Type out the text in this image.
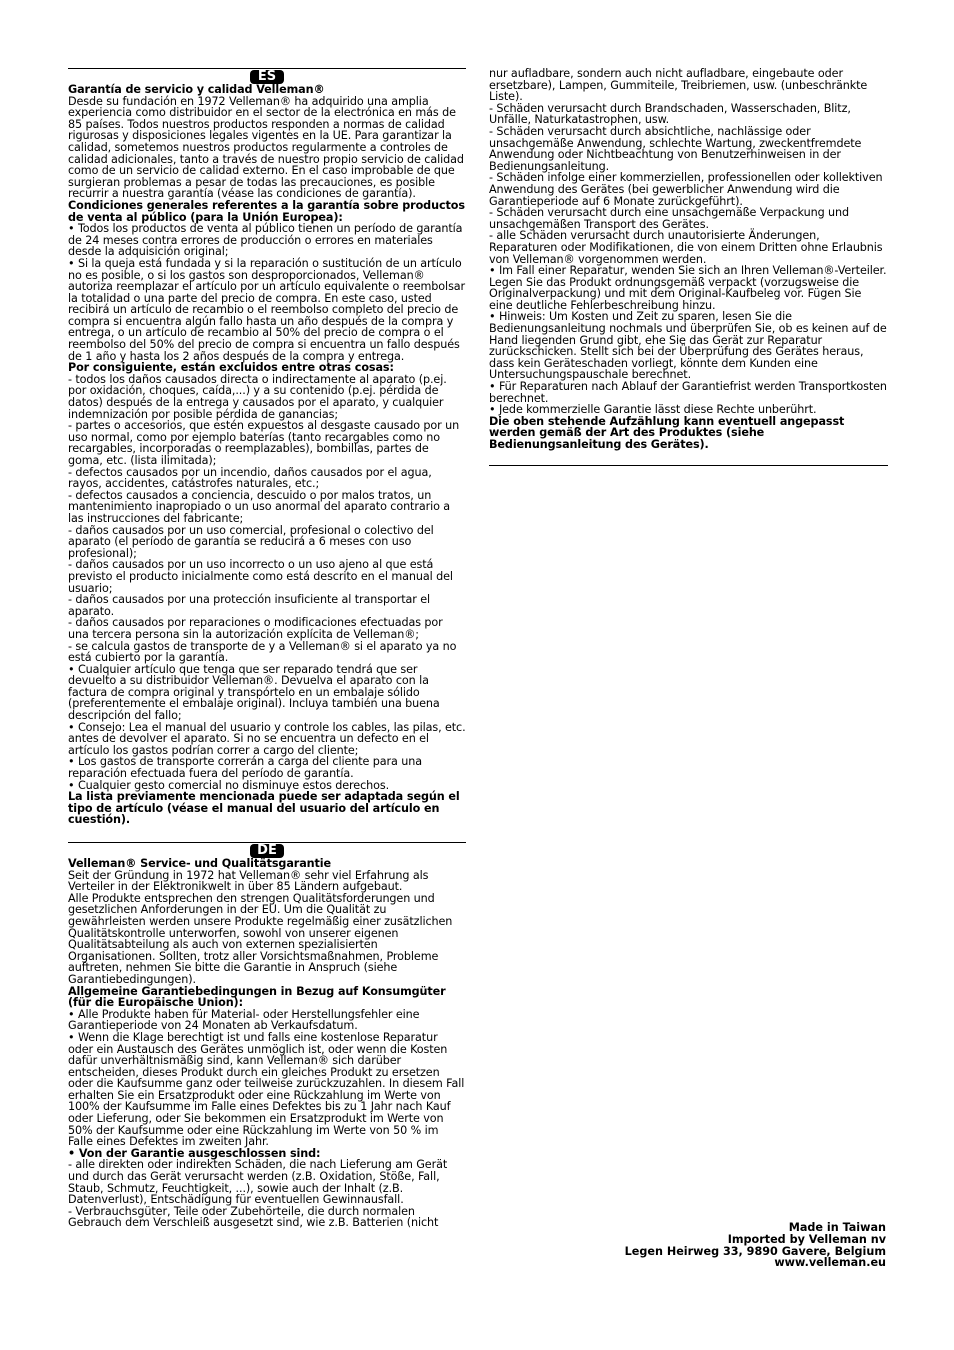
ES

Garantía de servicio y calidad Velleman®

Desde su fundación en 1972 Velleman® ha adquirido una amplia experiencia como distribuidor en el sector de la electrónica en más de 85 países. Todos nuestros productos responden a normas de calidad rigurosas y disposiciones legales vigentes en la UE. Para garantizar la calidad, sometemos nuestros productos regularmente a controles de calidad adicionales, tanto a través de nuestro propio servicio de calidad como de un servicio de calidad externo. En el caso improbable de que surgieran problemas a pesar de todas las precauciones, es posible recurrir a nuestra garantía (véase las condiciones de garantía).

Condiciones generales referentes a la garantía sobre productos de venta al público (para la Unión Europea):

• Todos los productos de venta al público tienen un período de garantía de 24 meses contra errores de producción o errores en materiales desde la adquisición original;

• Si la queja está fundada y si la reparación o sustitución de un artículo no es posible, o si los gastos son desproporcionados, Velleman® autoriza reemplazar el artículo por un artículo equivalente o reembolsar la totalidad o una parte del precio de compra. En este caso, usted recibirá un artículo de recambio o el reembolso completo del precio de compra si encuentra algún fallo hasta un año después de la compra y entrega, o un artículo de recambio al 50% del precio de compra o el reembolso del 50% del precio de compra si encuentra un fallo después de 1 año y hasta los 2 años después de la compra y entrega.

Por consiguiente, están excluidos entre otras cosas:

- todos los daños causados directa o indirectamente al aparato (p.ej. por oxidación, choques, caída,...) y a su contenido (p.ej. pérdida de datos) después de la entrega y causados por el aparato, y cualquier indemnización por posible pérdida de ganancias;

- partes o accesorios, que estén expuestos al desgaste causado por un uso normal, como por ejemplo baterías (tanto recargables como no recargables, incorporadas o reemplazables), bombillas, partes de goma, etc. (lista ilimitada);

- defectos causados por un incendio, daños causados por el agua, rayos, accidentes, catástrofes naturales, etc.;

- defectos causados a conciencia, descuido o por malos tratos, un mantenimiento inapropiado o un uso anormal del aparato contrario a las instrucciones del fabricante;

- daños causados por un uso comercial, profesional o colectivo del aparato (el período de garantía se reducirá a 6 meses con uso profesional);

- daños causados por un uso incorrecto o un uso ajeno al que está previsto el producto inicialmente como está descrito en el manual del usuario;

- daños causados por una protección insuficiente al transportar el aparato.

- daños causados por reparaciones o modificaciones efectuadas por una tercera persona sin la autorización explícita de Velleman®;

- se calcula gastos de transporte de y a Velleman® si el aparato ya no está cubierto por la garantía.

• Cualquier artículo que tenga que ser reparado tendrá que ser devuelto a su distribuidor Velleman®. Devuelva el aparato con la factura de compra original y transpórtelo en un embalaje sólido (preferentemente el embalaje original). Incluya también una buena descripción del fallo;

• Consejo: Lea el manual del usuario y controle los cables, las pilas, etc. antes de devolver el aparato. Si no se encuentra un defecto en el artículo los gastos podrían correr a cargo del cliente;

• Los gastos de transporte correrán a carga del cliente para una reparación efectuada fuera del período de garantía.

• Cualquier gesto comercial no disminuye estos derechos.

La lista previamente mencionada puede ser adaptada según el tipo de artículo (véase el manual del usuario del artículo en cuestión).

DE

Velleman® Service- und Qualitätsgarantie

Seit der Gründung in 1972 hat Velleman® sehr viel Erfahrung als Verteiler in der Elektronikwelt in über 85 Ländern aufgebaut.

Alle Produkte entsprechen den strengen Qualitätsforderungen und gesetzlichen Anforderungen in der EU. Um die Qualität zu gewährleisten werden unsere Produkte regelmäßig einer zusätzlichen Qualitätskontrolle unterworfen, sowohl von unserer eigenen Qualitätsabteilung als auch von externen spezialisierten Organisationen. Sollten, trotz aller Vorsichtsmaßnahmen, Probleme auftreten, nehmen Sie bitte die Garantie in Anspruch (siehe Garantiebedingungen).

Allgemeine Garantiebedingungen in Bezug auf Konsumgüter (für die Europäische Union):

• Alle Produkte haben für Material- oder Herstellungsfehler eine Garantieperiode von 24 Monaten ab Verkaufsdatum.

• Wenn die Klage berechtigt ist und falls eine kostenlose Reparatur oder ein Austausch des Gerätes unmöglich ist, oder wenn die Kosten dafür unverhältnismäßig sind, kann Velleman® sich darüber entscheiden, dieses Produkt durch ein gleiches Produkt zu ersetzen oder die Kaufsumme ganz oder teilweise zurückzuzahlen. In diesem Fall erhalten Sie ein Ersatzprodukt oder eine Rückzahlung im Werte von 100% der Kaufsumme im Falle eines Defektes bis zu 1 Jahr nach Kauf oder Lieferung, oder Sie bekommen ein Ersatzprodukt im Werte von 50% der Kaufsumme oder eine Rückzahlung im Werte von 50 % im Falle eines Defektes im zweiten Jahr.

• Von der Garantie ausgeschlossen sind:

- alle direkten oder indirekten Schäden, die nach Lieferung am Gerät und durch das Gerät verursacht werden (z.B. Oxidation, Stöße, Fall, Staub, Schmutz, Feuchtigkeit, ...), sowie auch der Inhalt (z.B. Datenverlust), Entschädigung für eventuellen Gewinnausfall.

- Verbrauchsgüter, Teile oder Zubehörteile, die durch normalen Gebrauch dem Verschleiß ausgesetzt sind, wie z.B. Batterien (nicht

nur aufladbare, sondern auch nicht aufladbare, eingebaute oder ersetzbare), Lampen, Gummiteile, Treibriemen, usw. (unbeschränkte Liste).

- Schäden verursacht durch Brandschaden, Wasserschaden, Blitz, Unfälle, Naturkatastrophen, usw.

- Schäden verursacht durch absichtliche, nachlässige oder unsachgemäße Anwendung, schlechte Wartung, zweckentfremdete Anwendung oder Nichtbeachtung von Benutzerhinweisen in der Bedienungsanleitung.

- Schäden infolge einer kommerziellen, professionellen oder kollektiven Anwendung des Gerätes (bei gewerblicher Anwendung wird die Garantieperiode auf 6 Monate zurückgeführt).

- Schäden verursacht durch eine unsachgemäße Verpackung und unsachgemäßen Transport des Gerätes.

- alle Schäden verursacht durch unautorisierte Änderungen, Reparaturen oder Modifikationen, die von einem Dritten ohne Erlaubnis von Velleman® vorgenommen werden.

• Im Fall einer Reparatur, wenden Sie sich an Ihren Velleman®-Verteiler. Legen Sie das Produkt ordnungsgemäß verpackt (vorzugsweise die Originalverpackung) und mit dem Original-Kaufbeleg vor. Fügen Sie eine deutliche Fehlerbeschreibung hinzu.

• Hinweis: Um Kosten und Zeit zu sparen, lesen Sie die Bedienungsanleitung nochmals und überprüfen Sie, ob es keinen auf de Hand liegenden Grund gibt, ehe Sie das Gerät zur Reparatur zurückschicken. Stellt sich bei der Überprüfung des Gerätes heraus, dass kein Geräteschaden vorliegt, könnte dem Kunden eine Untersuchungspauschale berechnet.

• Für Reparaturen nach Ablauf der Garantiefrist werden Transportkosten berechnet.

• Jede kommerzielle Garantie lässt diese Rechte unberührt.

Die oben stehende Aufzählung kann eventuell angepasst werden gemäß der Art des Produktes (siehe Bedienungsanleitung des Gerätes).

Made in Taiwan
Imported by Velleman nv
Legen Heirweg 33, 9890 Gavere, Belgium
www.velleman.eu
